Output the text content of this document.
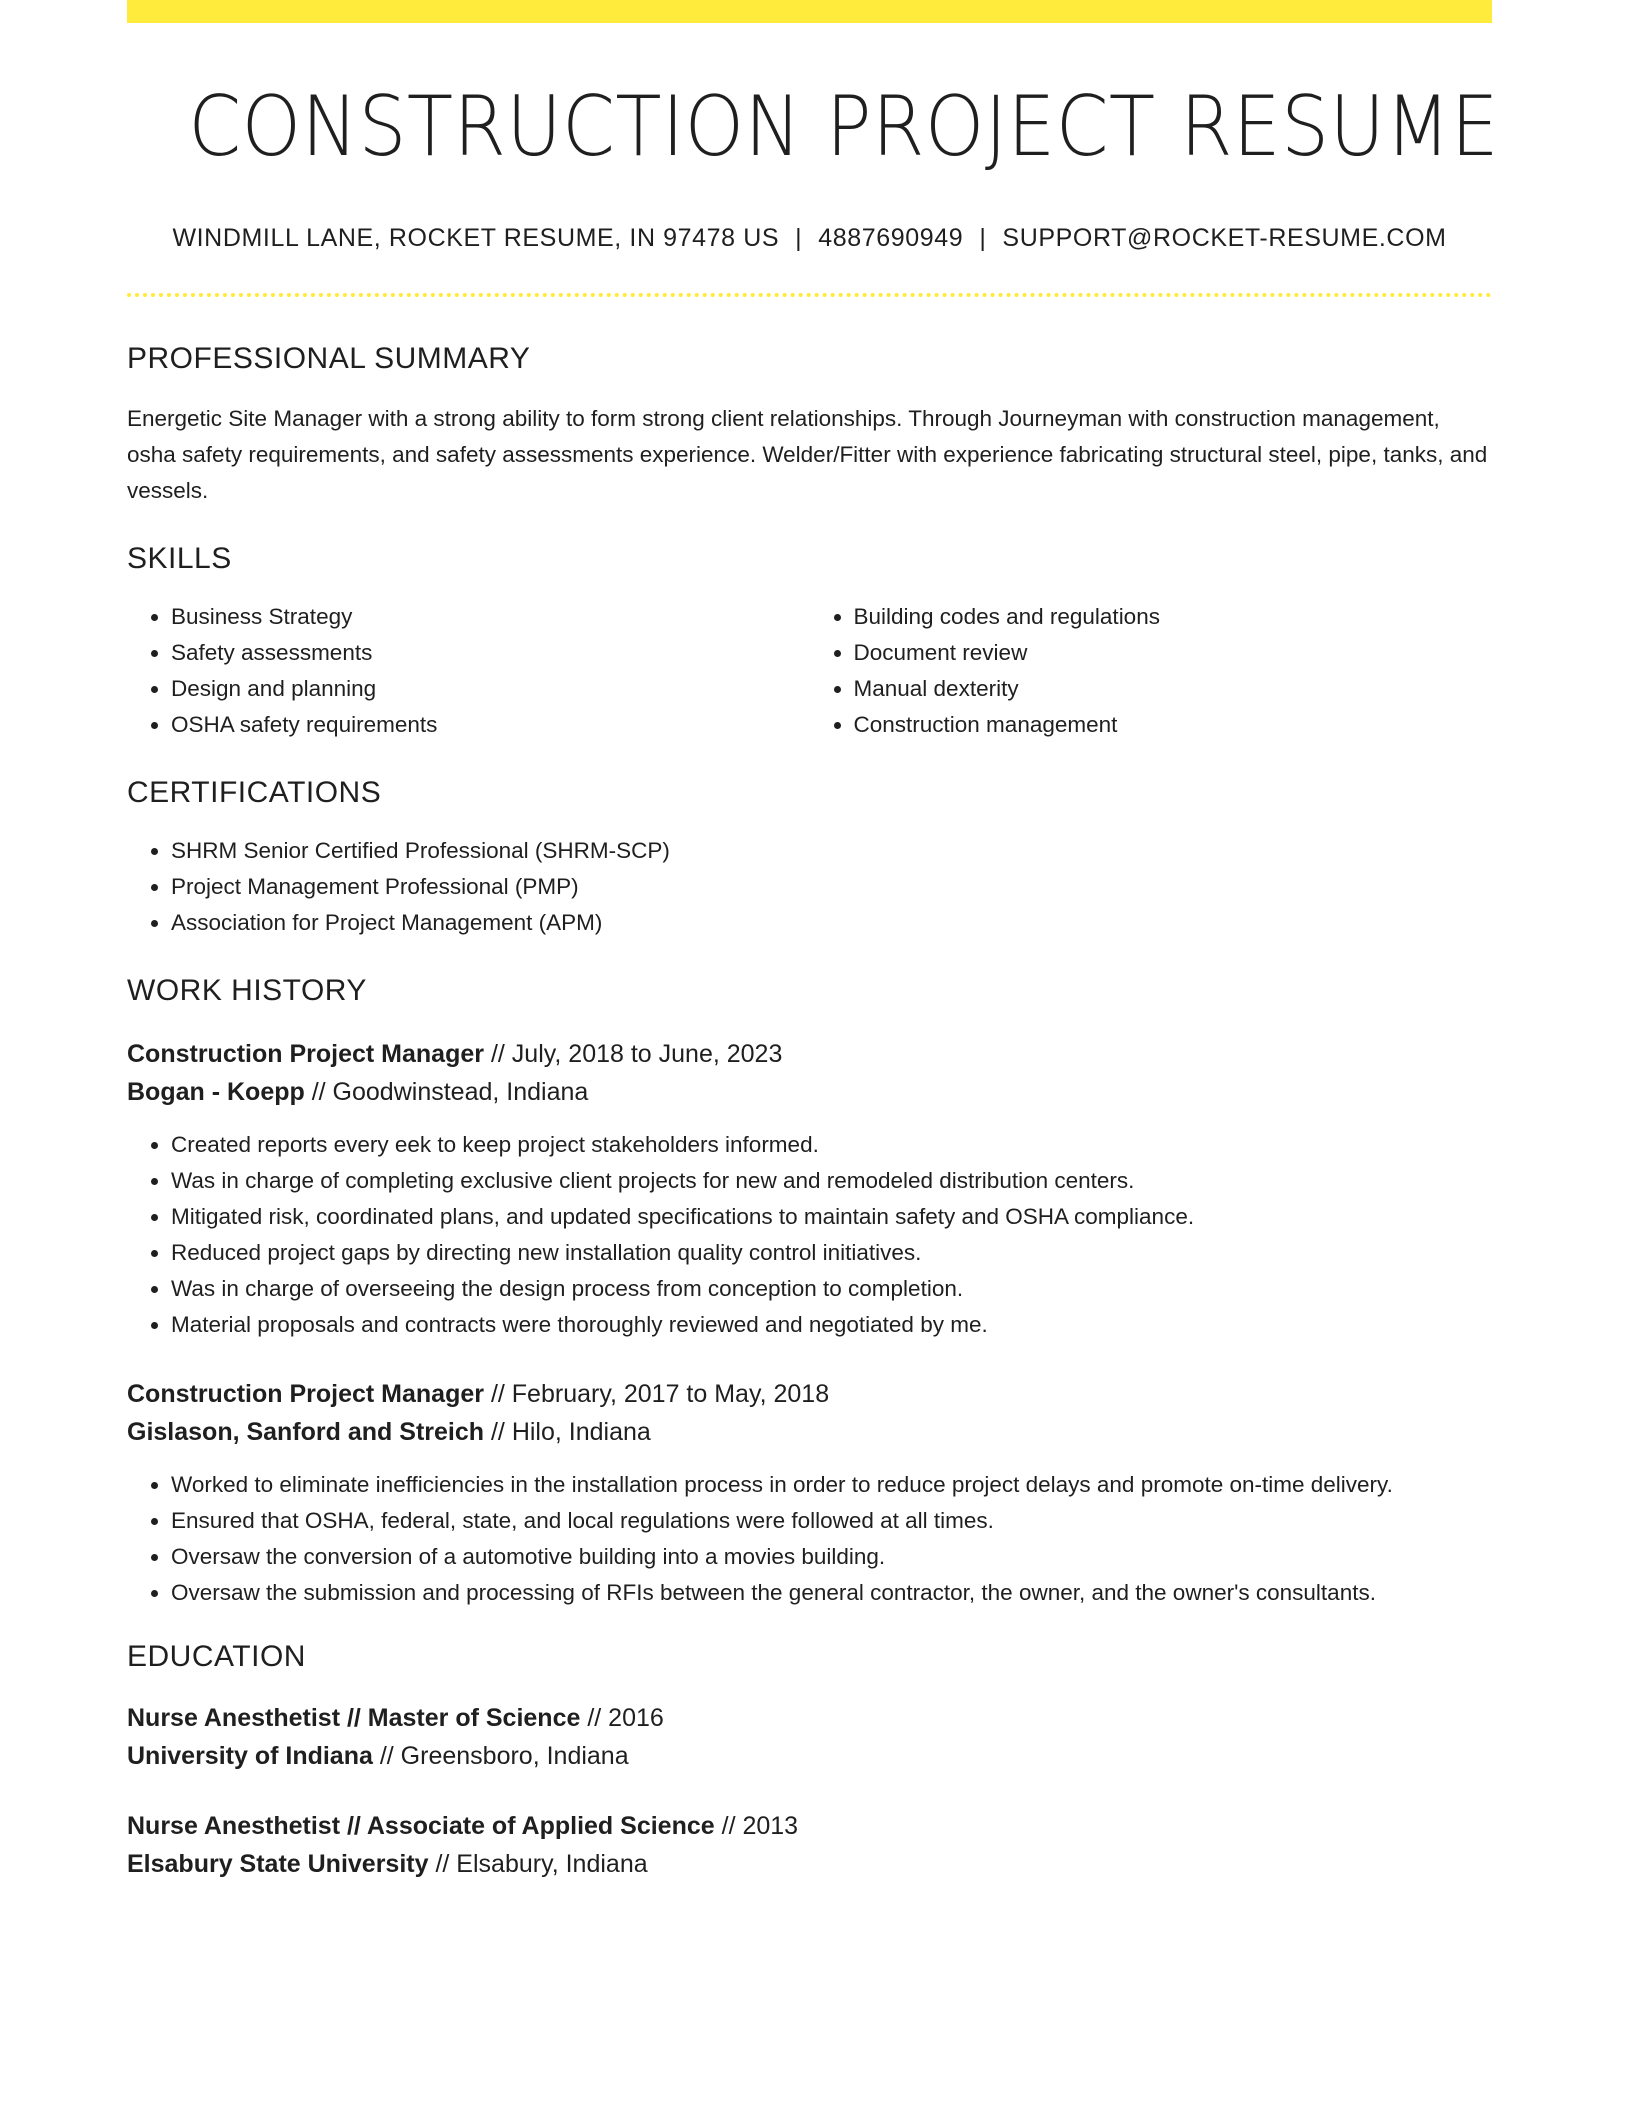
CONSTRUCTION PROJECT RESUME
WINDMILL LANE, ROCKET RESUME, IN 97478 US | 4887690949 | SUPPORT@ROCKET-RESUME.COM
PROFESSIONAL SUMMARY
Energetic Site Manager with a strong ability to form strong client relationships. Through Journeyman with construction management, osha safety requirements, and safety assessments experience. Welder/Fitter with experience fabricating structural steel, pipe, tanks, and vessels.
SKILLS
• Business Strategy
• Safety assessments
• Design and planning
• OSHA safety requirements
• Building codes and regulations
• Document review
• Manual dexterity
• Construction management
CERTIFICATIONS
• SHRM Senior Certified Professional (SHRM-SCP)
• Project Management Professional (PMP)
• Association for Project Management (APM)
WORK HISTORY
Construction Project Manager // July, 2018 to June, 2023
Bogan - Koepp // Goodwinstead, Indiana
• Created reports every eek to keep project stakeholders informed.
• Was in charge of completing exclusive client projects for new and remodeled distribution centers.
• Mitigated risk, coordinated plans, and updated specifications to maintain safety and OSHA compliance.
• Reduced project gaps by directing new installation quality control initiatives.
• Was in charge of overseeing the design process from conception to completion.
• Material proposals and contracts were thoroughly reviewed and negotiated by me.
Construction Project Manager // February, 2017 to May, 2018
Gislason, Sanford and Streich // Hilo, Indiana
• Worked to eliminate inefficiencies in the installation process in order to reduce project delays and promote on-time delivery.
• Ensured that OSHA, federal, state, and local regulations were followed at all times.
• Oversaw the conversion of a automotive building into a movies building.
• Oversaw the submission and processing of RFIs between the general contractor, the owner, and the owner's consultants.
EDUCATION
Nurse Anesthetist // Master of Science // 2016
University of Indiana // Greensboro, Indiana
Nurse Anesthetist // Associate of Applied Science // 2013
Elsabury State University // Elsabury, Indiana
